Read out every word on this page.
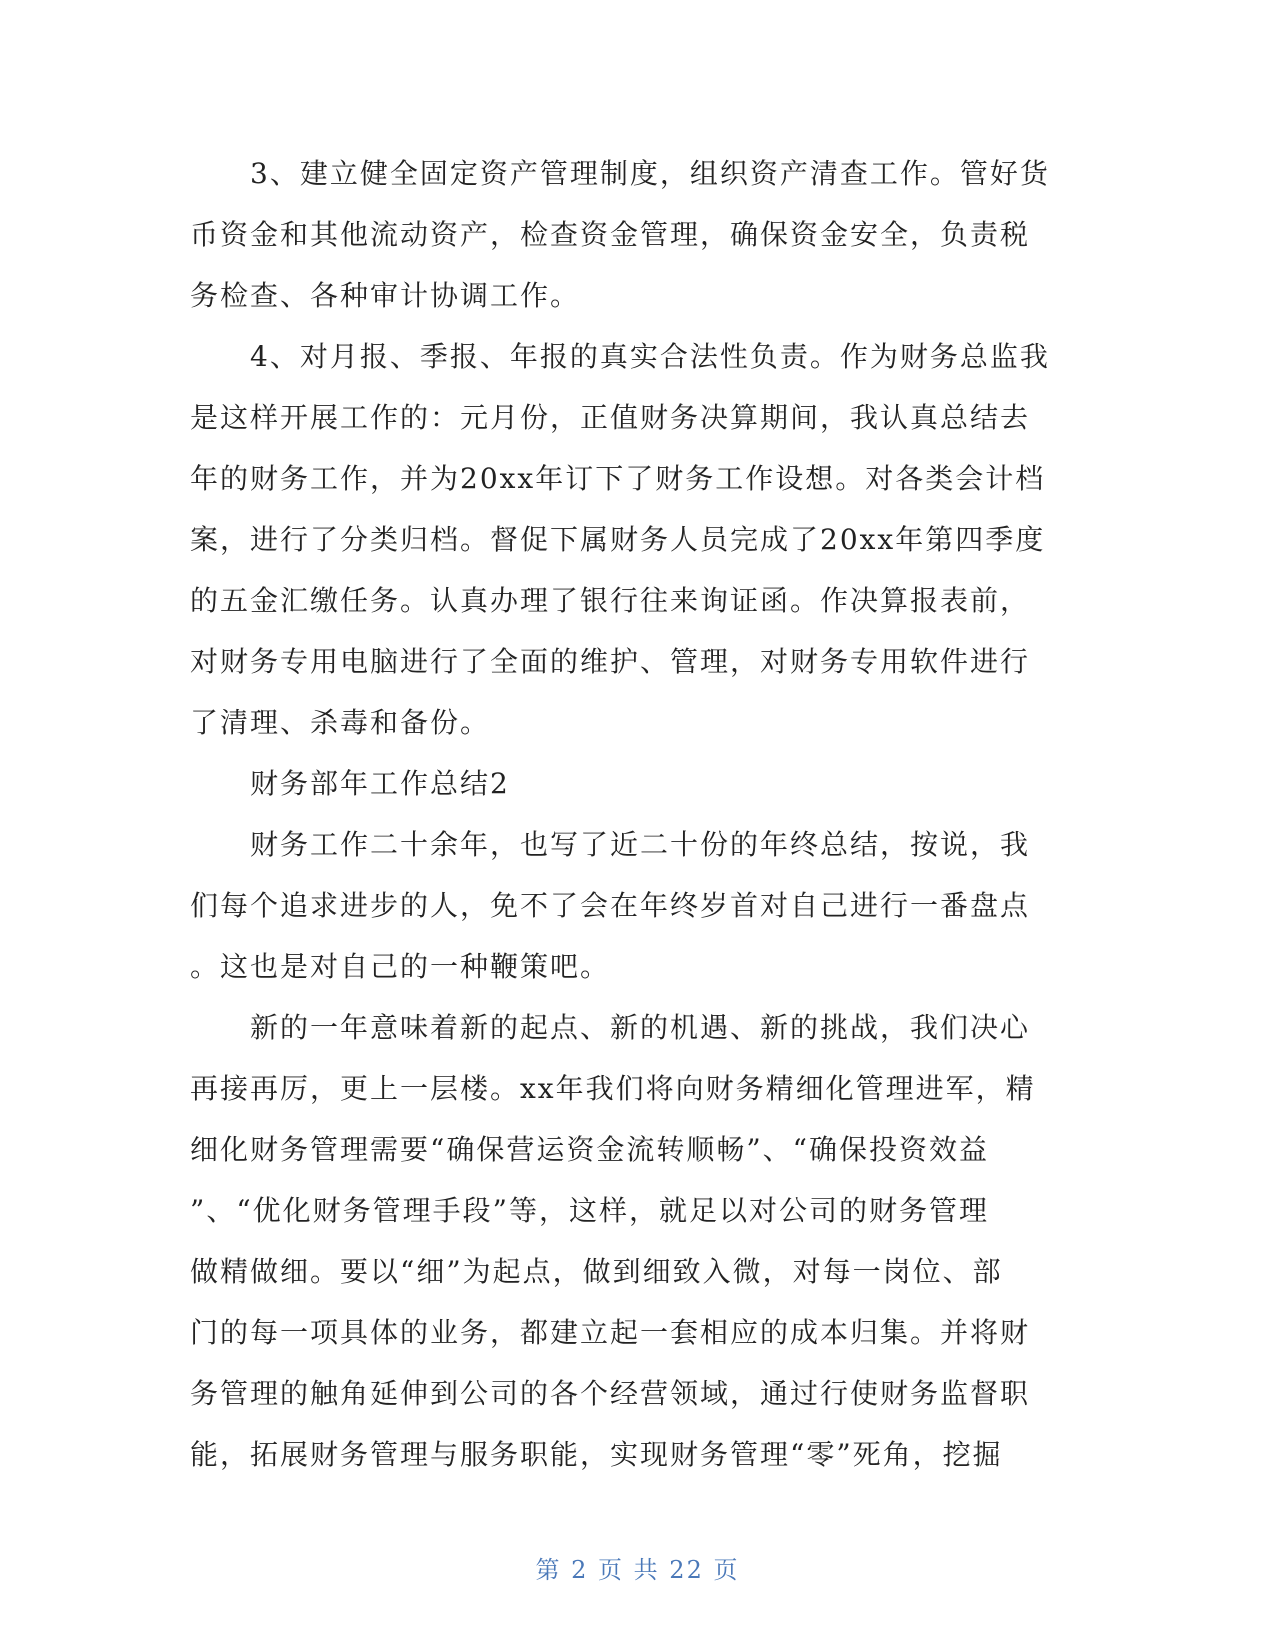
3、建立健全固定资产管理制度，组织资产清查工作。管好货
币资金和其他流动资产，检查资金管理，确保资金安全，负责税
务检查、各种审计协调工作。
4、对月报、季报、年报的真实合法性负责。作为财务总监我
是这样开展工作的：元月份，正值财务决算期间，我认真总结去
年的财务工作，并为20xx年订下了财务工作设想。对各类会计档
案，进行了分类归档。督促下属财务人员完成了20xx年第四季度
的五金汇缴任务。认真办理了银行往来询证函。作决算报表前，
对财务专用电脑进行了全面的维护、管理，对财务专用软件进行
了清理、杀毒和备份。
财务部年工作总结2
财务工作二十余年，也写了近二十份的年终总结，按说，我
们每个追求进步的人，免不了会在年终岁首对自己进行一番盘点
。这也是对自己的一种鞭策吧。
新的一年意味着新的起点、新的机遇、新的挑战，我们决心
再接再厉，更上一层楼。xx年我们将向财务精细化管理进军，精
细化财务管理需要“确保营运资金流转顺畅”、“确保投资效益
”、“优化财务管理手段”等，这样，就足以对公司的财务管理
做精做细。要以“细”为起点，做到细致入微，对每一岗位、部
门的每一项具体的业务，都建立起一套相应的成本归集。并将财
务管理的触角延伸到公司的各个经营领域，通过行使财务监督职
能，拓展财务管理与服务职能，实现财务管理“零”死角，挖掘
第 2 页 共 22 页
